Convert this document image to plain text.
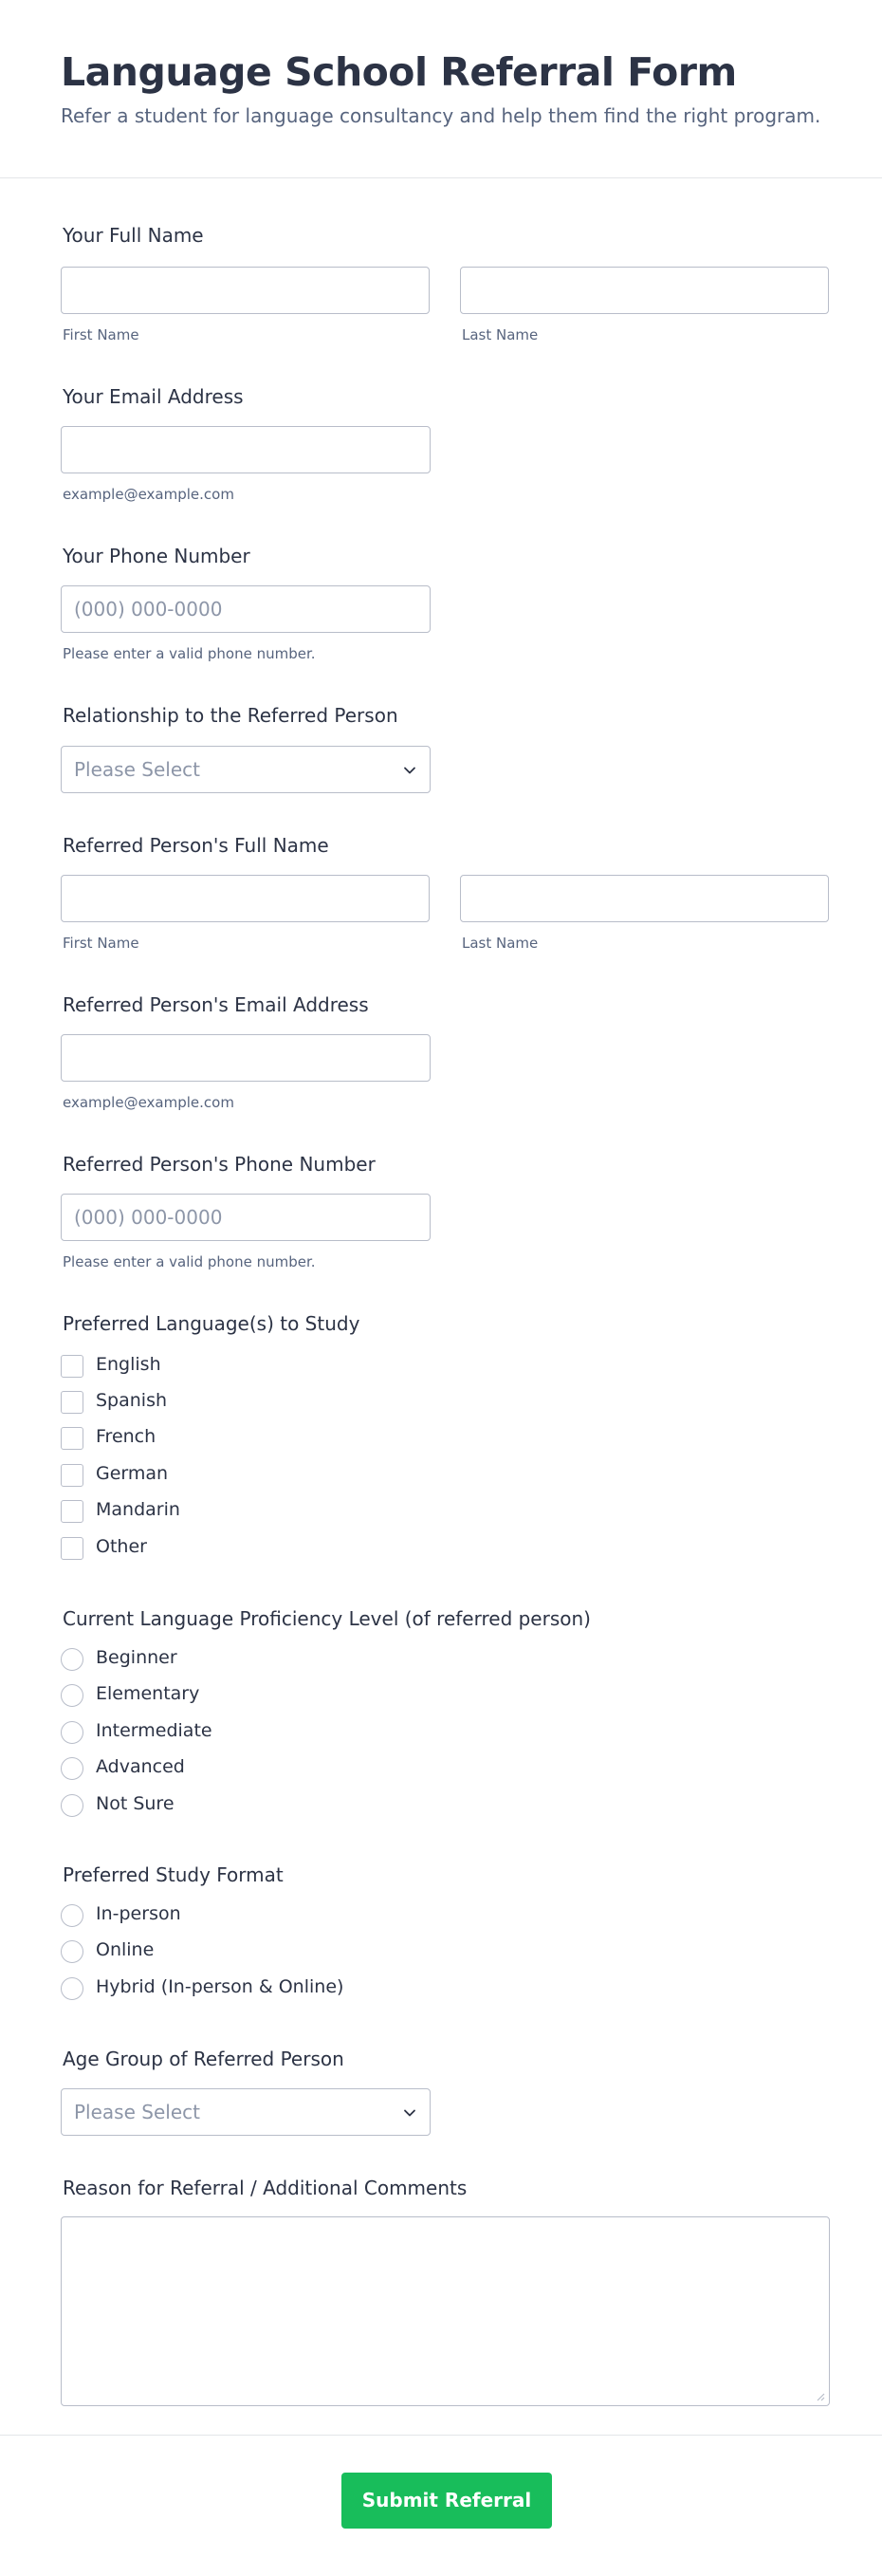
Language School Referral Form
Refer a student for language consultancy and help them find the right program.
Your Full Name
First Name	Last Name
Your Email Address
example@example.com
Your Phone Number
(000) 000-0000
Please enter a valid phone number.
Relationship to the Referred Person
Please Select
Referred Person's Full Name
First Name	Last Name
Referred Person's Email Address
example@example.com
Referred Person's Phone Number
(000) 000-0000
Please enter a valid phone number.
Preferred Language(s) to Study
English
Spanish
French
German
Mandarin
Other
Current Language Proficiency Level (of referred person)
Beginner
Elementary
Intermediate
Advanced
Not Sure
Preferred Study Format
In-person
Online
Hybrid (In-person & Online)
Age Group of Referred Person
Please Select
Reason for Referral / Additional Comments
Submit Referral
